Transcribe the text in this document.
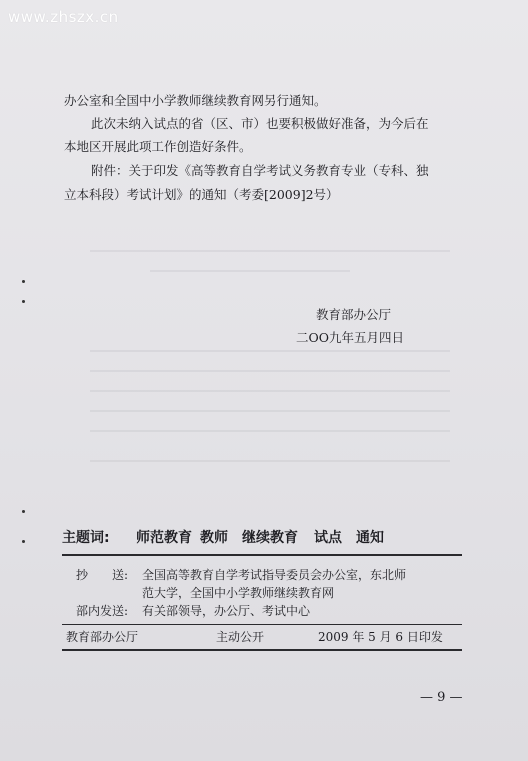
www.zhszx.cn
办公室和全国中小学教师继续教育网另行通知。
此次未纳入试点的省（区、市）也要积极做好准备，为今后在
本地区开展此项工作创造好条件。
附件：关于印发《高等教育自学考试义务教育专业（专科、独
立本科段）考试计划》的通知（考委[2009]2号）
教育部办公厅
二OO九年五月四日
主题词: 师范教育 教师 继续教育 试点 通知
抄　　送: 全国高等教育自学考试指导委员会办公室，东北师
范大学，全国中小学教师继续教育网
部内发送: 有关部领导，办公厅、考试中心
教育部办公厅	主动公开	2009 年 5 月 6 日印发
— 9 —
